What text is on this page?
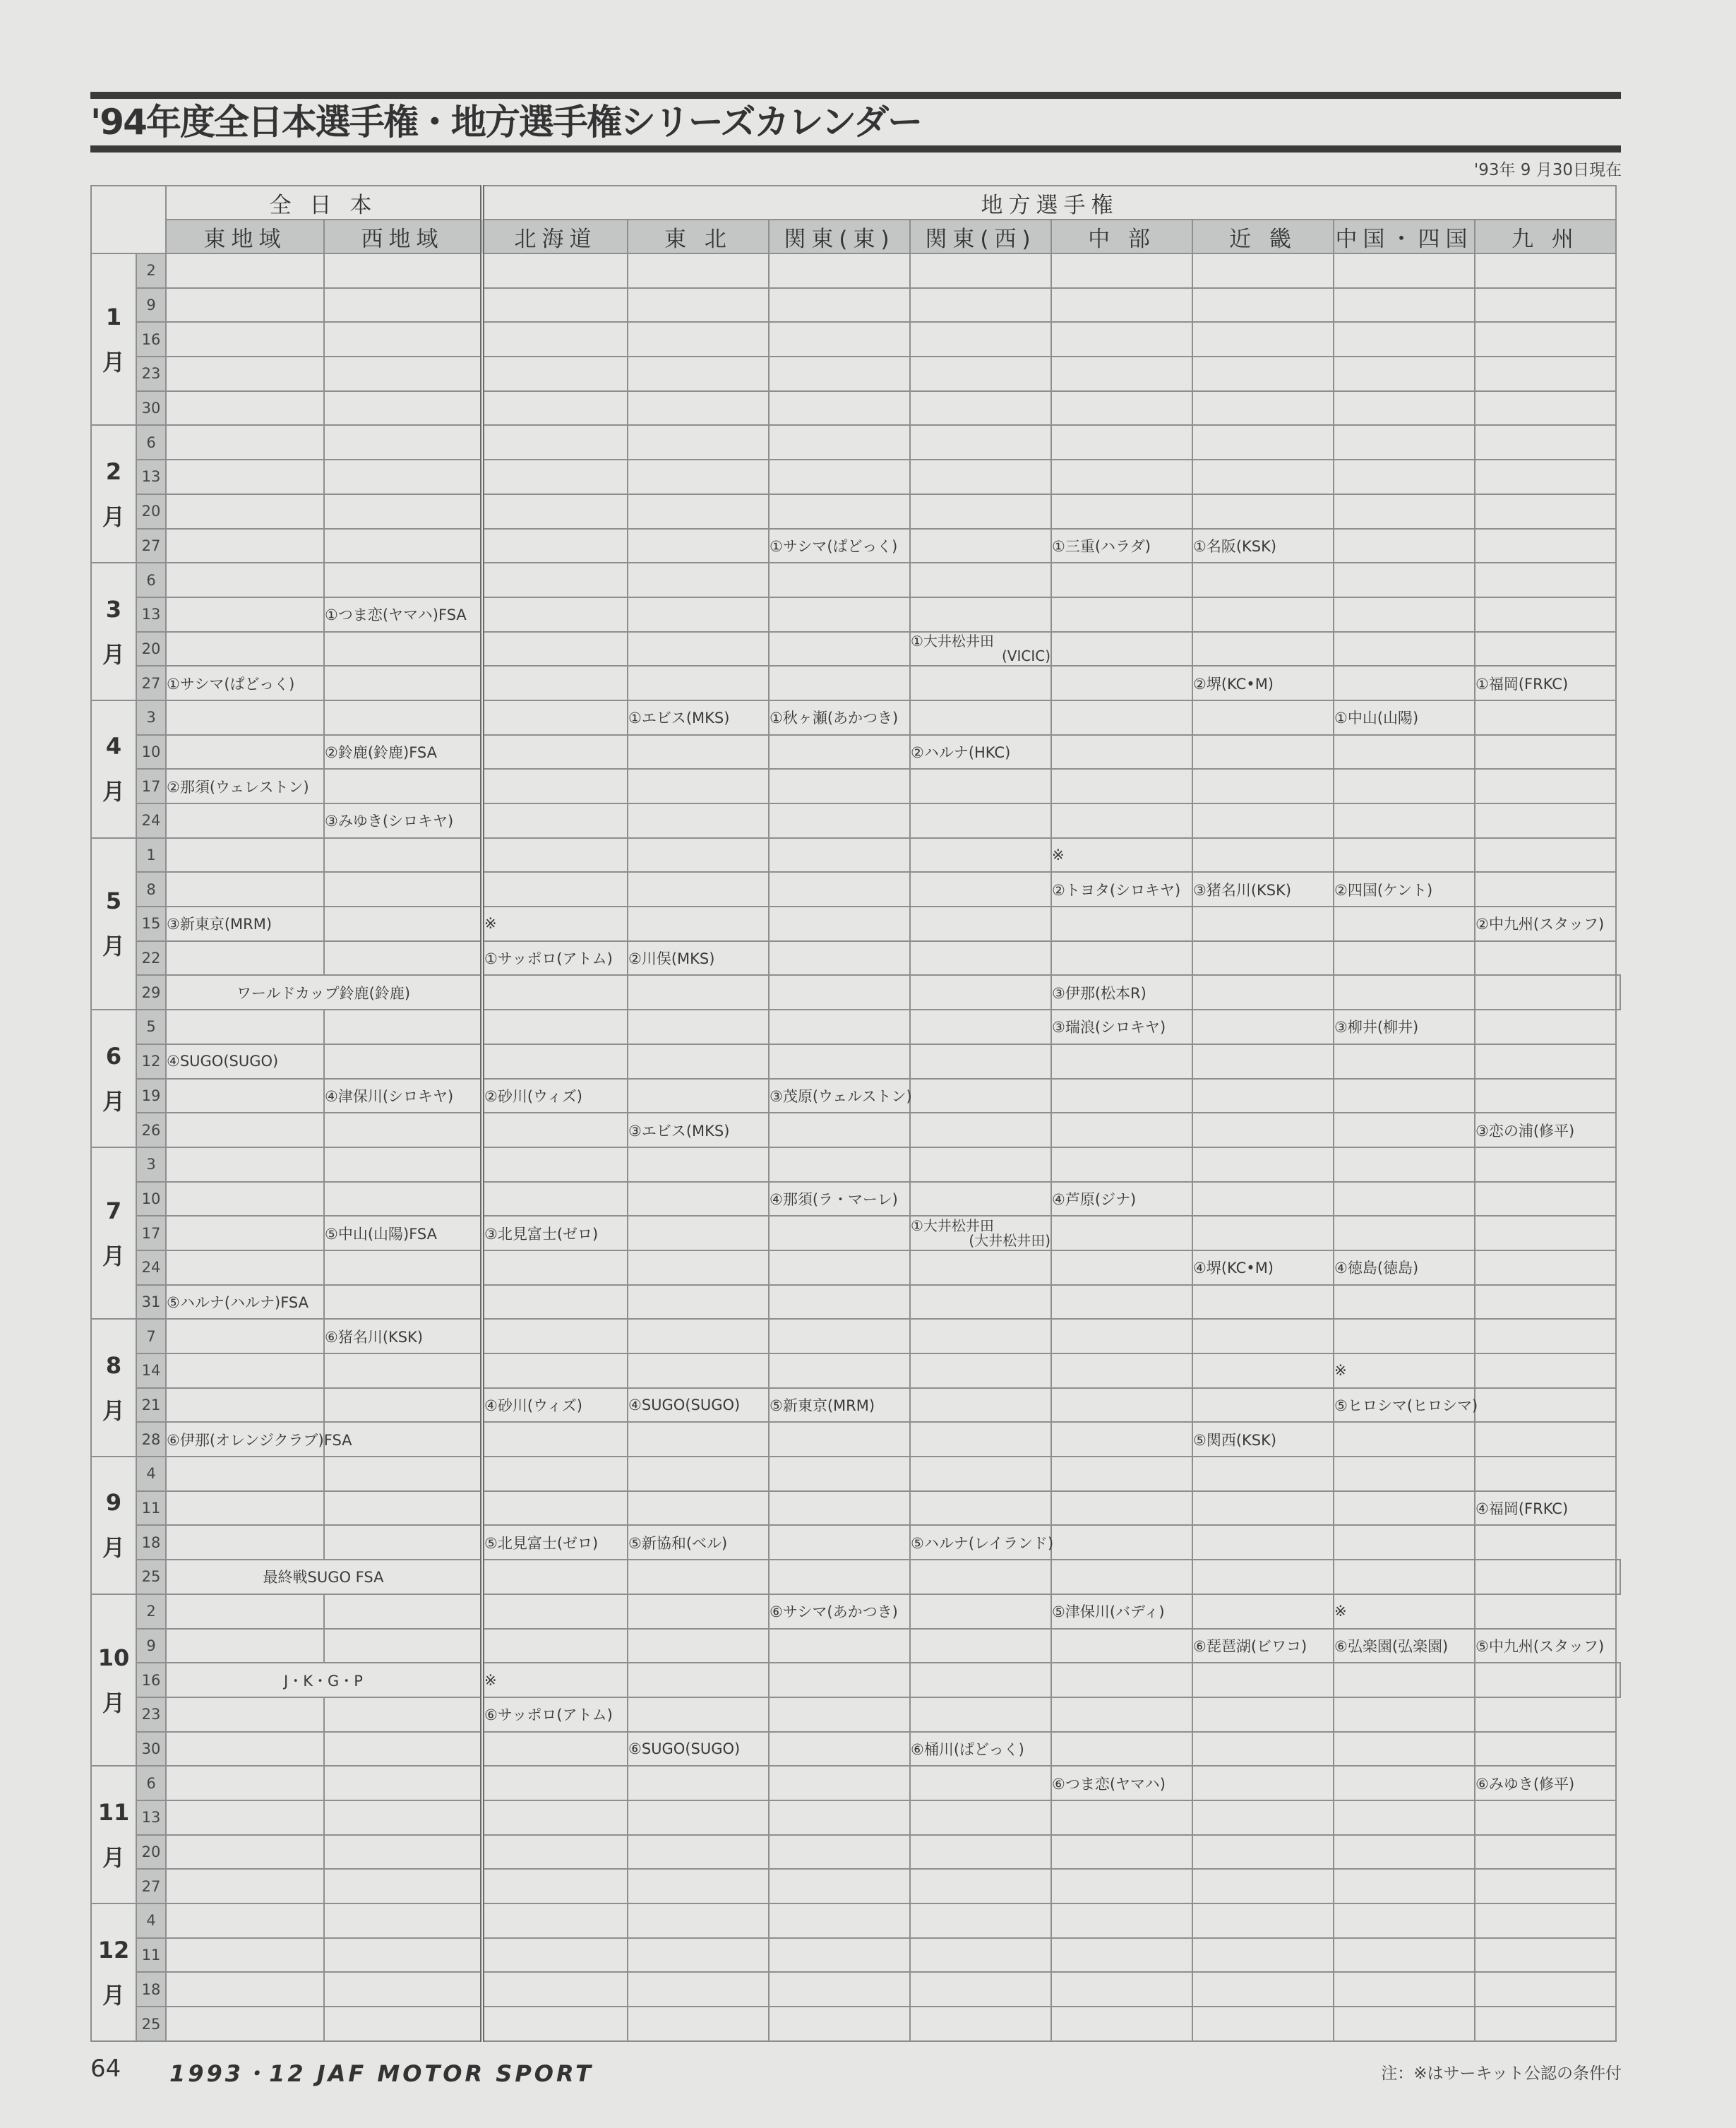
'94年度全日本選手権・地方選手権シリーズカレンダー
'93年 9 月30日現在
		全 日 本		地方選手権								
		東地域	西地域	北海道	東 北	関東(東)	関東(西)	中 部	近 畿	中国・四国	九 州	

1
月	2											
	9											
	16											
	23											
	30											

2
月	6											
	13											
	20											
	27					①サシマ(ぱどっく)		①三重(ハラダ)	①名阪(KSK)			

3
月	6											
	13		①つま恋(ヤマハ)FSA									
	20						①大井松井田
(VICIC)					

	27	①サシマ(ぱどっく)							②堺(KC•M)		①福岡(FRKC)	

4
月	3				①エビス(MKS)	①秋ヶ瀬(あかつき)				①中山(山陽)		
	10		②鈴鹿(鈴鹿)FSA				②ハルナ(HKC)					
	17	②那須(ウェレストン)										
	24		③みゆき(シロキヤ)									

5
月	1							※				
	8							②トヨタ(シロキヤ)	③猪名川(KSK)	②四国(ケント)		
	15	③新東京(MRM)		※							②中九州(スタッフ)	
	22			①サッポロ(アトム)	②川俣(MKS)							
	29	ワールドカップ鈴鹿(鈴鹿)						③伊那(松本R)				

6
月	5							③瑞浪(シロキヤ)		③柳井(柳井)		
	12	④SUGO(SUGO)										
	19		④津保川(シロキヤ)	②砂川(ウィズ)		③茂原(ウェルストン)						
	26				③エビス(MKS)						③恋の浦(修平)	

7
月	3											
	10					④那須(ラ・マーレ)		④芦原(ジナ)				
	17		⑤中山(山陽)FSA	③北見富士(ゼロ)			①大井松井田
(大井松井田)					

	24								④堺(KC•M)	④徳島(徳島)		
	31	⑤ハルナ(ハルナ)FSA										

8
月	7		⑥猪名川(KSK)									
	14									※		
	21			④砂川(ウィズ)	④SUGO(SUGO)	⑤新東京(MRM)				⑤ヒロシマ(ヒロシマ)		
	28	⑥伊那(オレンジクラブ)FSA							⑤関西(KSK)			

9
月	4											
	11										④福岡(FRKC)	
	18			⑤北見富士(ゼロ)	⑤新協和(ベル)		⑤ハルナ(レイランド)					
	25	最終戦SUGO FSA										

10
月	2					⑥サシマ(あかつき)		⑤津保川(バディ)		※		
	9								⑥琵琶湖(ビワコ)	⑥弘楽園(弘楽園)	⑤中九州(スタッフ)	
	16	J・K・G・P		※								
	23			⑥サッポロ(アトム)								
	30				⑥SUGO(SUGO)		⑥桶川(ぱどっく)					

11
月	6							⑥つま恋(ヤマハ)			⑥みゆき(修平)	
	13											
	20											
	27											

12
月	4											
	11											
	18											
	25											
64 1993・12 JAF MOTOR SPORT	注：※はサーキット公認の条件付
